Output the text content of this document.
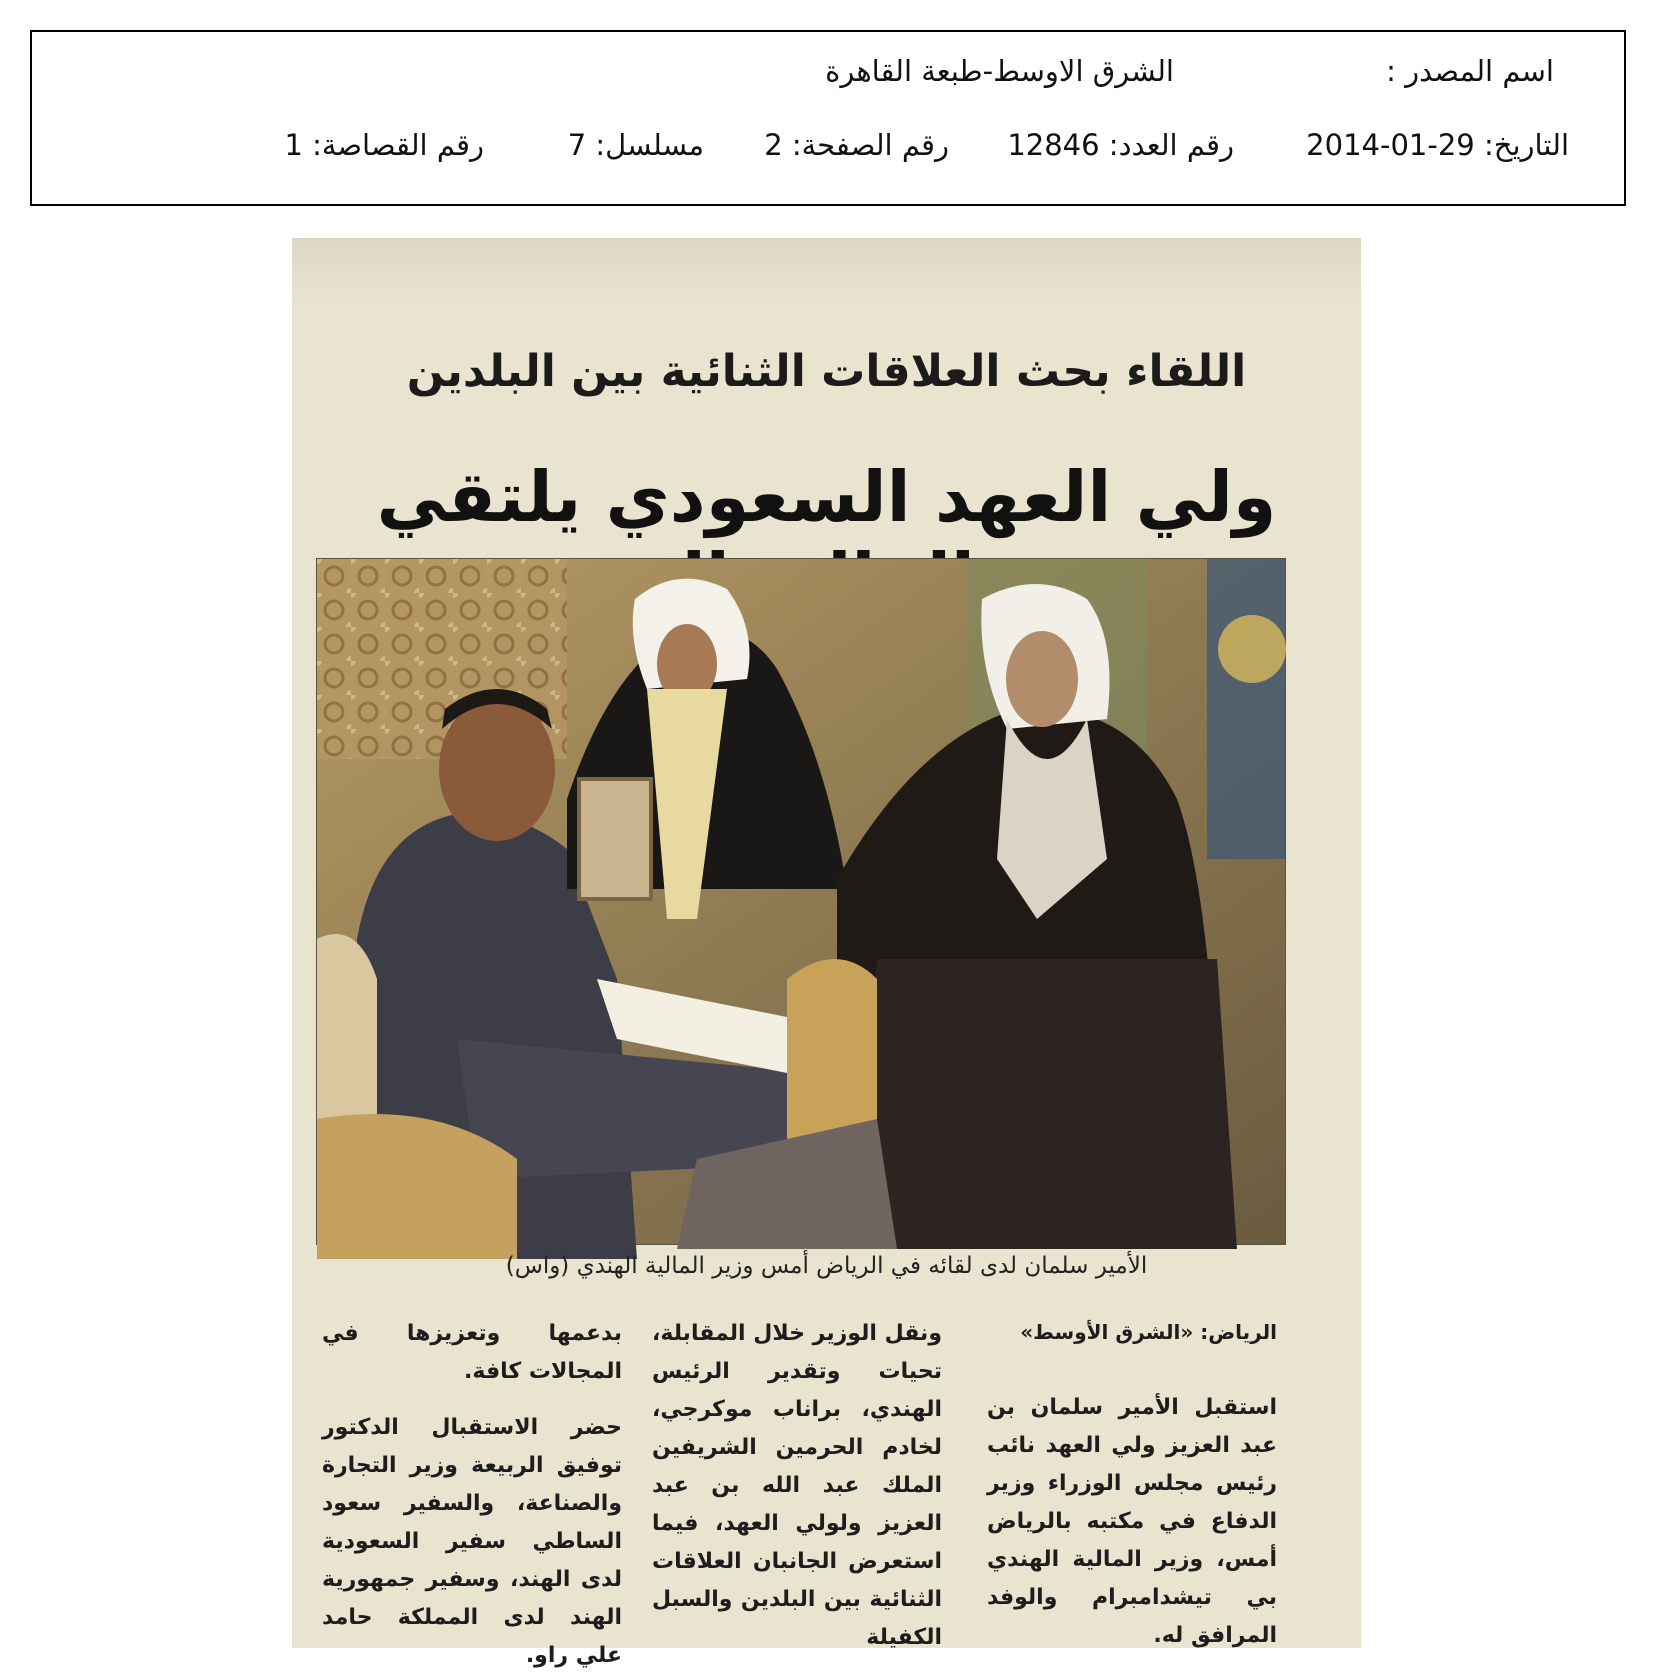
اسم المصدر :
الشرق الاوسط-طبعة القاهرة
التاريخ: 29-01-2014
رقم العدد: 12846
رقم الصفحة: 2
مسلسل: 7
رقم القصاصة: 1
اللقاء بحث العلاقات الثنائية بين البلدين
ولي العهد السعودي يلتقي
الأمير سلمان لدى لقائه في الرياض أمس وزير المالية الهندي (واس)

الرياض: «الشرق الأوسط»

استقبل الأمير سلمان بن عبد العزيز ولي العهد نائب رئيس مجلس الوزراء وزير الدفاع في مكتبه بالرياض أمس، وزير المالية الهندي بي تيشدامبرام والوفد المرافق له.

ونقل الوزير خلال المقابلة، تحيات وتقدير الرئيس الهندي، براناب موكرجي، لخادم الحرمين الشريفين الملك عبد الله بن عبد العزيز ولولي العهد، فيما استعرض الجانبان العلاقات الثنائية بين البلدين والسبل الكفيلة

بدعمها وتعزيزها في المجالات كافة.

حضر الاستقبال الدكتور توفيق الربيعة وزير التجارة والصناعة، والسفير سعود الساطي سفير السعودية لدى الهند، وسفير جمهورية الهند لدى المملكة حامد علي راو.
